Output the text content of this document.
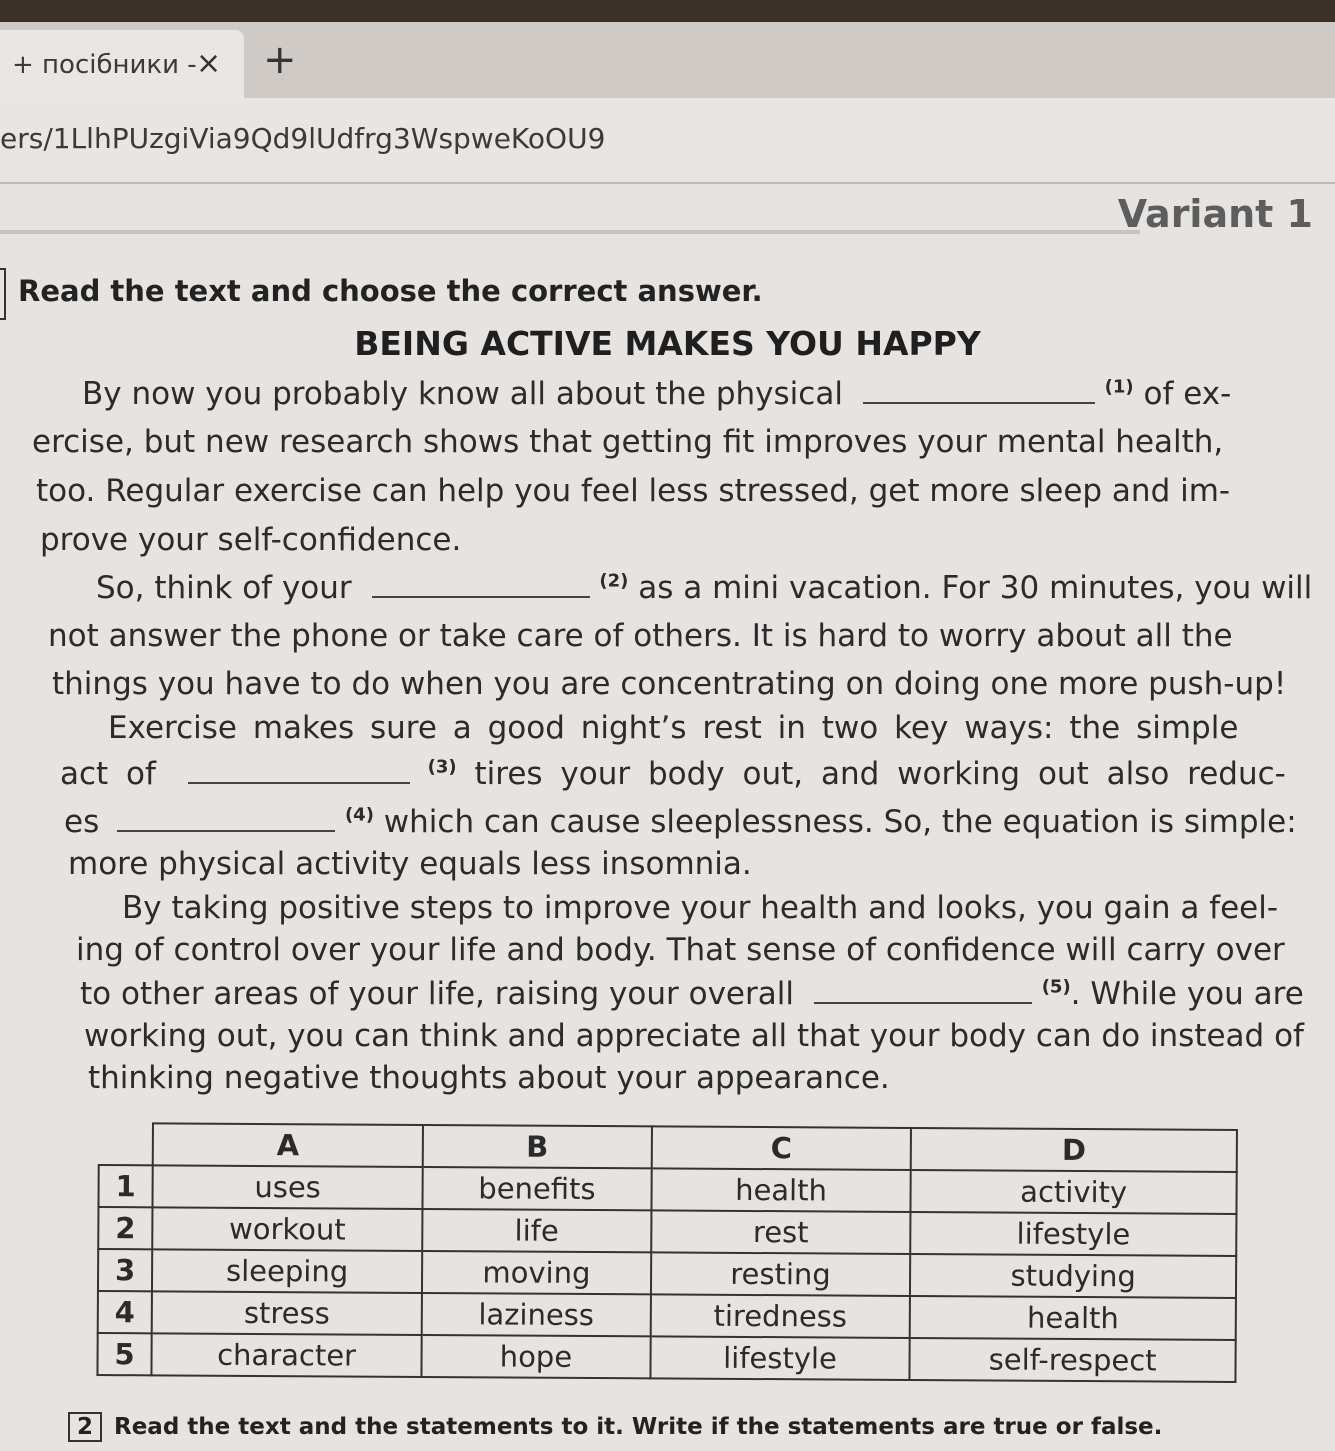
+ посібники - × +
ers/1LlhPUzgiVia9Qd9lUdfrg3WspweKoOU9
Variant 1
Read the text and choose the correct answer.
BEING ACTIVE MAKES YOU HAPPY
By now you probably know all about the physical	$^{(1)}$ of ex-
ercise, but new research shows that getting fit improves your mental health,
too. Regular exercise can help you feel less stressed, get more sleep and im-
prove your self-confidence.
So, think of your	$^{(2)}$ as a mini vacation. For 30 minutes, you will
not answer the phone or take care of others. It is hard to worry about all the
things you have to do when you are concentrating on doing one more push-up!
Exercise makes sure a good night’s rest in two key ways: the simple
act of	$^{(3)}$ tires your body out, and working out also reduc-
es	$^{(4)}$ which can cause sleeplessness. So, the equation is simple:
more physical activity equals less insomnia.
By taking positive steps to improve your health and looks, you gain a feel-
ing of control over your life and body. That sense of confidence will carry over
to other areas of your life, raising your overall	$^{(5)}$. While you are
working out, you can think and appreciate all that your body can do instead of
thinking negative thoughts about your appearance.
	A	B	C	D
1	uses	benefits	health	activity
2	workout	life	rest	lifestyle
3	sleeping	moving	resting	studying
4	stress	laziness	tiredness	health
5	character	hope	lifestyle	self-respect
2 Read the text and the statements to it. Write if the statements are true or false.
